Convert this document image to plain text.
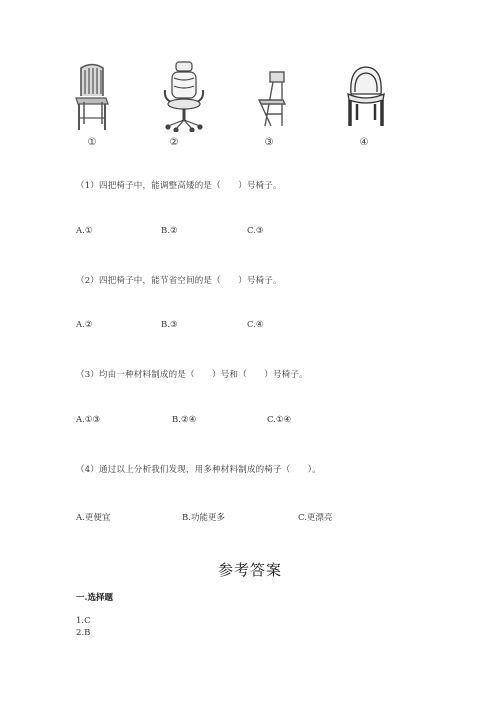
①	②	③	④
（1）四把椅子中，能调整高矮的是（　　）号椅子。
A.①	B.②	C.③
（2）四把椅子中，能节省空间的是（　　）号椅子。
A.②	B.③	C.④
（3）均由一种材料制成的是（　　）号和（　　）号椅子。
A.①③	B.②④	C.①④
（4）通过以上分析我们发现，用多种材料制成的椅子（　　）。
A.更便宜	B.功能更多	C.更漂亮
参考答案
一.选择题
1.C
2.B
